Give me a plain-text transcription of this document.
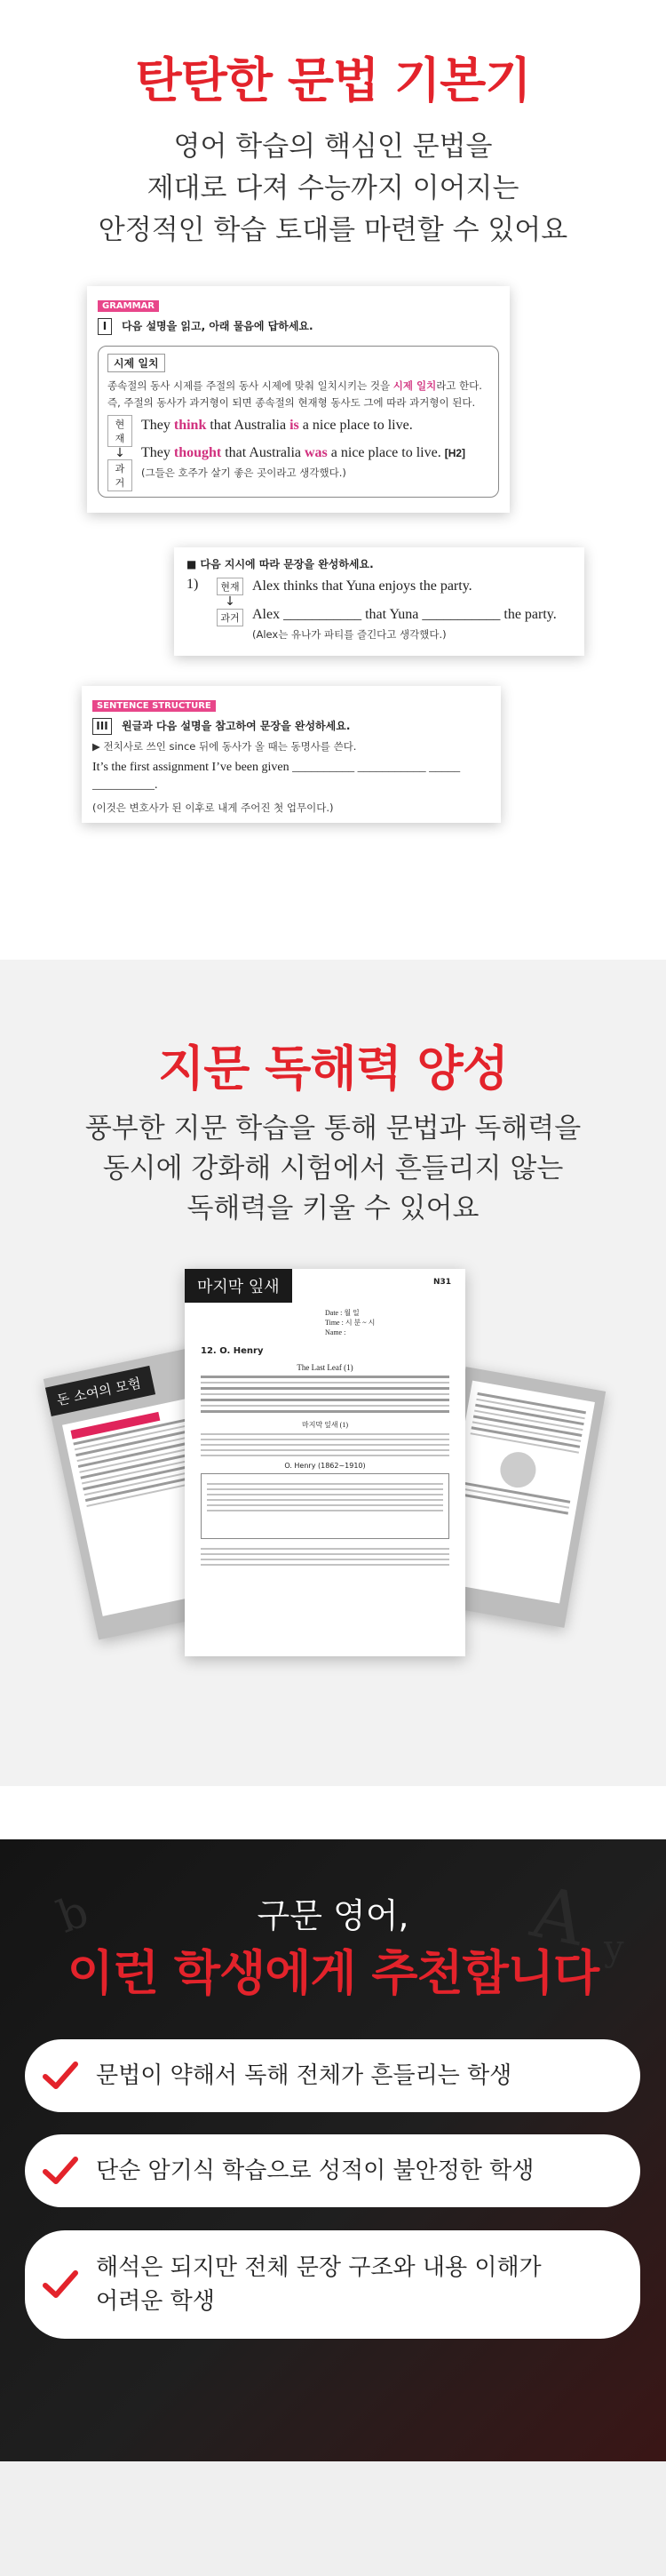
탄탄한 문법 기본기
영어 학습의 핵심인 문법을
제대로 다져 수능까지 이어지는
안정적인 학습 토대를 마련할 수 있어요
GRAMMAR
I 다음 설명을 읽고, 아래 물음에 답하세요.
시제 일치
종속절의 동사 시제를 주절의 동사 시제에 맞춰 일치시키는 것을 시제 일치라고 한다. 즉, 주절의 동사가 과거형이 되면 종속절의 현재형 동사도 그에 따라 과거형이 된다.
현재
↓
과거
They think that Australia is a nice place to live.
They thought that Australia was a nice place to live. [H2]
(그들은 호주가 살기 좋은 곳이라고 생각했다.)
■ 다음 지시에 따라 문장을 완성하세요.
1)	현재
↓
과거
Alex thinks that Yuna enjoys the party.
Alex ___________ that Yuna ___________ the party.
(Alex는 유나가 파티를 즐긴다고 생각했다.)
SENTENCE STRUCTURE
III 원글과 다음 설명을 참고하여 문장을 완성하세요.
▶ 전치사로 쓰인 since 뒤에 동사가 올 때는 동명사를 쓴다.
It’s the first assignment I’ve been given __________ ___________ _____
__________.
(이것은 변호사가 된 이후로 내게 주어진 첫 업무이다.)
지문 독해력 양성
풍부한 지문 학습을 통해 문법과 독해력을
동시에 강화해 시험에서 흔들리지 않는
독해력을 키울 수 있어요
돈 소여의 모험
마지막 잎새	N31
Date : 월 일
Time : 시 분 ~ 시
Name :
12. O. Henry
The Last Leaf (1)
마지막 잎새 (1)
O. Henry (1862~1910)
b	A y
구문 영어,
이런 학생에게 추천합니다
문법이 약해서 독해 전체가 흔들리는 학생
단순 암기식 학습으로 성적이 불안정한 학생
해석은 되지만 전체 문장 구조와 내용 이해가
어려운 학생
